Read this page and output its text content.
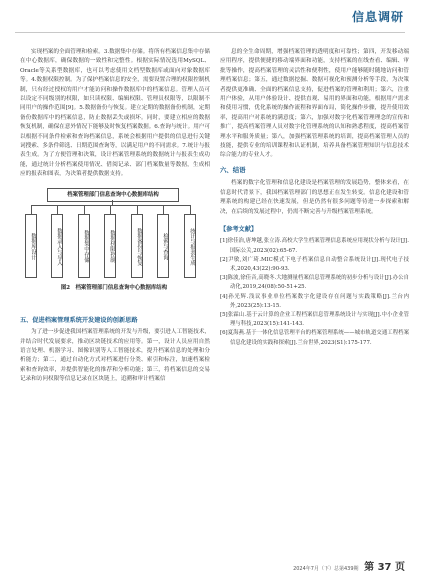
信息调研

实现档案的全面管理和检索。3.数据集中存储。将所有档案信息集中存储在中心数据库，确保数据的一致性和完整性。根据实际情况选用MySQL、Oracle等关系型数据库，也可以考虑使用文档型数据库或面向对象数据库等。4.数据权限控制。为了保护档案信息的安全，需要设置合理的权限控制机制，只有经过授权的用户才能访问和操作数据库中的档案信息。管理人员可以设定不同级别的权限，如只读权限、编辑权限、管理员权限等，以限制不同用户的操作范围[9]。5.数据备份与恢复。建立定期的数据备份机制，定期备份数据库中的档案信息，防止数据丢失或损坏。同时，要建立相应的数据恢复机制，确保在意外情况下能够及时恢复档案数据。6.查询与统计。用户可以根据不同条件检索和查询档案信息，系统会根据用户提供的信息进行关键词搜索、多条件筛选、日期范围查询等，以满足用户的不同需求。7.统计与报表生成。为了方便管理和决策，设计档案管理系统的数据统计与报表生成功能，通过统计分析档案使用情况、借阅记录、部门档案数量等数据，生成相应的报表和图表，为决策者提供数据支持。

档案管理部门信息查询中心数据库结构
数据库设计	数据录入与导入	数据集中存储	数据权限控制	数据备份与恢复	检索与查询	统计与报表生成
图2　档案管理部门信息查询中心数据库结构
五、促进档案管理系统开发建设的创新思路

为了进一步促进我国档案管理系统的开发与升级，要引进人工智能技术，并结合时代发展要求，推动区块链技术的应用等。第一，设计人员应用自然语言处理、机器学习、图像识别等人工智能技术，提升档案信息的处理和分析能力；第二，通过自动化方式对档案进行分类、索引和标注，加速档案检索和查询效率，并提供智能化的推荐和分析功能；第三，将档案信息的交易记录和访问权限等信息记录在区块链上，追溯和审计档案信

息的全生命周期，增强档案管理的透明度和可靠性；第四，开发移动端应用程序，提供便捷的移动端界面和功能，支持档案的在线查看、编辑、审批等操作，提高档案管理的灵活性和便利性，使用户能够随时随地访问和管理档案信息；第五，通过数据挖掘、数据可视化和预测分析等手段，为决策者提供更准确、全面的档案信息支持，促进档案的管理和利用；第六，注重用户体验，从用户体验设计、提供直观、易用的界面和功能，根据用户需求和使用习惯，优化系统的操作流程和界面布局，简化操作步骤，提升使用效率，提高用户对系统的满意度；第六，加强对数字化档案管理理念的宣传和推广，提高档案管理人员对数字化管理系统的认知和熟悉程度，提高档案管理水平和服务质量；第八，加强档案管理系统的培训，提高档案管理人员的技能，提供专业的培训课程和认证机制，培养具备档案管理知识与信息技术综合能力的专业人才。

六、结语

档案的数字化管理和信息化建设是档案管理的发展趋势，整体来看，在信息时代背景下，我国档案管理部门的思想正在发生转变。信息化建设和管理系统的构建已经在快速发展，但是仍然有很多问题等待进一步探索和解决，在后续的发展过程中，仍需不断完善与升级档案管理系统。

【参考文献】

[1]徐佳治,唐坤越,张立涛.高校大学生档案管理信息系统应用现状分析与设计[J].国际公关,2023(02):65-67.

[2]尹敏,刘广琦.MIC模式下电子档案信息自动整合系统设计[J].现代电子技术,2020,43(22):90-93.

[3]陈波,徐佳音,高晓冬.大地测量档案信息管理系统的初步分析与设计[J].办公自动化,2019,24(08):50-51+25.

[4]孙光辉.浅议事业单位档案数字化建设存在问题与实践策略[J].兰台内外,2023(25):13-15.

[5]张霖山.基于云计算的企业工程档案信息管理系统设计与实现[J].中小企业管理与科技,2023(15):141-143.

[6]夏海燕.基于一体化信息管理平台的档案管理系统——城市轨道交通工程档案信息化建设的实践和探索[J].兰台世界,2023(S1):175-177.

2024年7月（下）总第439期 第 37 页
